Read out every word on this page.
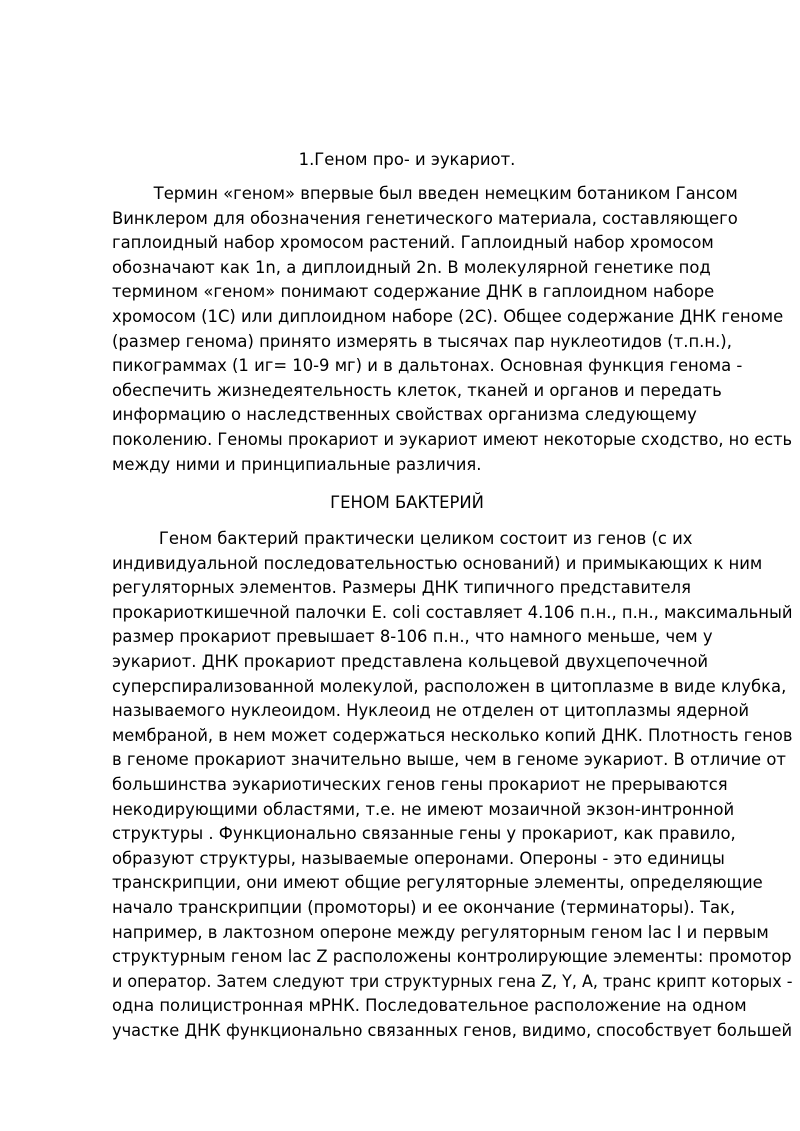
1.Геном про- и эукариот.

Термин «геном» впервые был введен немецким ботаником Гансом
Винклером для обозначения генетического материала, составляющего
гаплоидный набор хромосом растений. Гаплоидный набор хромосом
обозначают как 1n, а диплоидный 2n. В молекулярной генетике под
термином «геном» понимают содержание ДНК в гаплоидном наборе
хромосом (1С) или диплоидном наборе (2С). Общее содержание ДНК геноме
(размер генома) принято измерять в тысячах пар нуклеотидов (т.п.н.),
пикограммах (1 иг= 10-9 мг) и в дальтонах. Основная функция генома -
обеспечить жизнедеятельность клеток, тканей и органов и передать
информацию о наследственных свойствах организма следующему
поколению. Геномы прокариот и эукариот имеют некоторые сходство, но есть
между ними и принципиальные различия.

ГЕНОМ БАКТЕРИЙ

Геном бактерий практически целиком состоит из генов (с их
индивидуальной последовательностью оснований) и примыкающих к ним
регуляторных элементов. Размеры ДНК типичного представителя
прокариоткишечной палочки E. coli составляет 4.106 п.н., п.н., максимальный
размер прокариот превышает 8-106 п.н., что намного меньше, чем у
эукариот. ДНК прокариот представлена кольцевой двухцепочечной
суперспирализованной молекулой, расположен в цитоплазме в виде клубка,
называемого нуклеоидом. Нуклеоид не отделен от цитоплазмы ядерной
мембраной, в нем может содержаться несколько копий ДНК. Плотность генов
в геноме прокариот значительно выше, чем в геноме эукариот. В отличие от
большинства эукариотических генов гены прокариот не прерываются
некодирующими областями, т.е. не имеют мозаичной экзон-интронной
структуры . Функционально связанные гены у прокариот, как правило,
образуют структуры, называемые оперонами. Опероны - это единицы
транскрипции, они имеют общие регуляторные элементы, определяющие
начало транскрипции (промоторы) и ее окончание (терминаторы). Так,
например, в лактозном опероне между регуляторным геном lac I и первым
структурным геном lac Z расположены контролирующие элементы: промотор
и оператор. Затем следуют три структурных гена Z, Y, A, транс крипт которых -
одна полицистронная мРНК. Последовательное расположение на одном
участке ДНК функционально связанных генов, видимо, способствует большей
